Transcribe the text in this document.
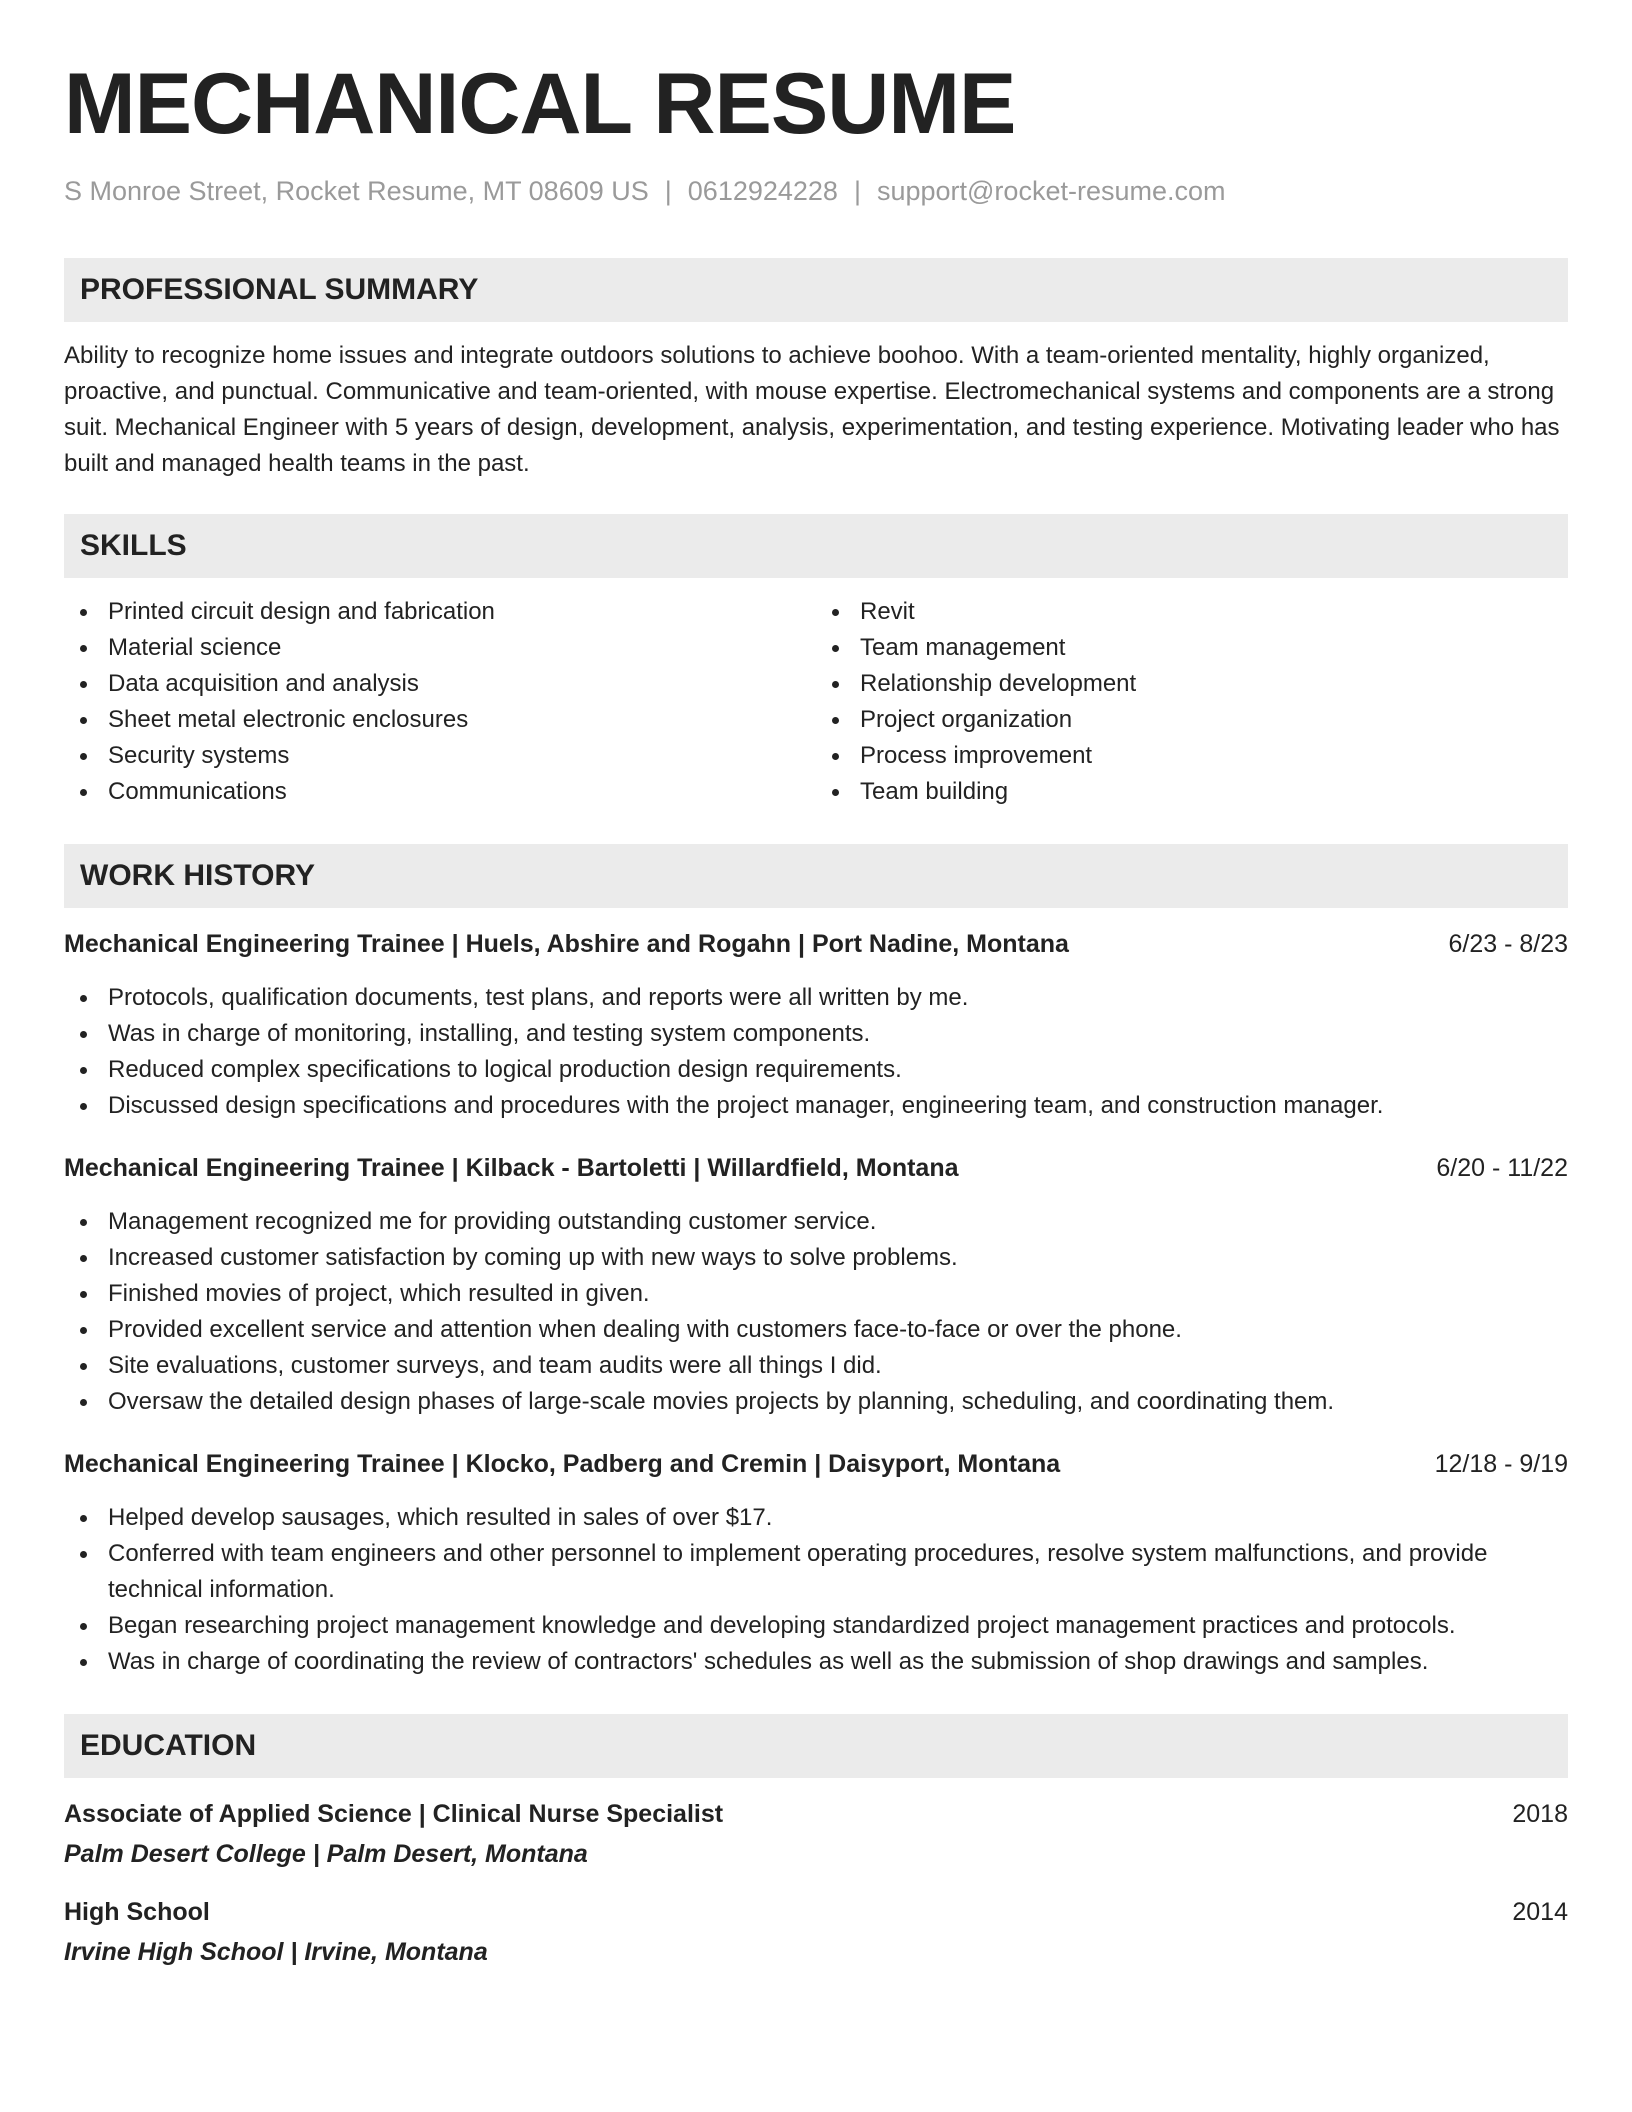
MECHANICAL RESUME
S Monroe Street, Rocket Resume, MT 08609 US | 0612924228 | support@rocket-resume.com
PROFESSIONAL SUMMARY
Ability to recognize home issues and integrate outdoors solutions to achieve boohoo. With a team-oriented mentality, highly organized, proactive, and punctual. Communicative and team-oriented, with mouse expertise. Electromechanical systems and components are a strong suit. Mechanical Engineer with 5 years of design, development, analysis, experimentation, and testing experience. Motivating leader who has built and managed health teams in the past.
SKILLS
Printed circuit design and fabrication
Material science
Data acquisition and analysis
Sheet metal electronic enclosures
Security systems
Communications
Revit
Team management
Relationship development
Project organization
Process improvement
Team building
WORK HISTORY
Mechanical Engineering Trainee | Huels, Abshire and Rogahn | Port Nadine, Montana	6/23 - 8/23
Protocols, qualification documents, test plans, and reports were all written by me.
Was in charge of monitoring, installing, and testing system components.
Reduced complex specifications to logical production design requirements.
Discussed design specifications and procedures with the project manager, engineering team, and construction manager.
Mechanical Engineering Trainee | Kilback - Bartoletti | Willardfield, Montana	6/20 - 11/22
Management recognized me for providing outstanding customer service.
Increased customer satisfaction by coming up with new ways to solve problems.
Finished movies of project, which resulted in given.
Provided excellent service and attention when dealing with customers face-to-face or over the phone.
Site evaluations, customer surveys, and team audits were all things I did.
Oversaw the detailed design phases of large-scale movies projects by planning, scheduling, and coordinating them.
Mechanical Engineering Trainee | Klocko, Padberg and Cremin | Daisyport, Montana	12/18 - 9/19
Helped develop sausages, which resulted in sales of over $17.
Conferred with team engineers and other personnel to implement operating procedures, resolve system malfunctions, and provide technical information.
Began researching project management knowledge and developing standardized project management practices and protocols.
Was in charge of coordinating the review of contractors' schedules as well as the submission of shop drawings and samples.
EDUCATION
Associate of Applied Science | Clinical Nurse Specialist	2018
Palm Desert College | Palm Desert, Montana
High School	2014
Irvine High School | Irvine, Montana
